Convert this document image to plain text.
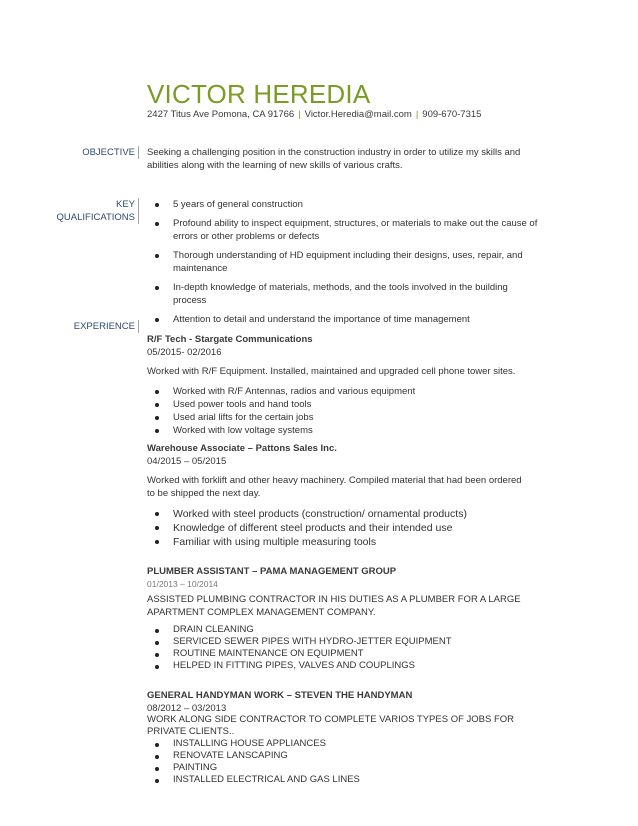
VICTOR HEREDIA
2427 Titus Ave Pomona, CA 91766 | Victor.Heredia@mail.com | 909-670-7315
OBJECTIVE Seeking a challenging position in the construction industry in order to utilize my skills and abilities along with the learning of new skills of various crafts.
KEY
QUALIFICATIONS
5 years of general construction
Profound ability to inspect equipment, structures, or materials to make out the cause of errors or other problems or defects
Thorough understanding of HD equipment including their designs, uses, repair, and maintenance
In-depth knowledge of materials, methods, and the tools involved in the building process
Attention to detail and understand the importance of time management
EXPERIENCE
R/F Tech - Stargate Communications
05/2015- 02/2016
Worked with R/F Equipment. Installed, maintained and upgraded cell phone tower sites.
Worked with R/F Antennas, radios and various equipment
Used power tools and hand tools
Used arial lifts for the certain jobs
Worked with low voltage systems
Warehouse Associate – Pattons Sales Inc.
04/2015 – 05/2015
Worked with forklift and other heavy machinery. Compiled material that had been ordered to be shipped the next day.
Worked with steel products (construction/ ornamental products)
Knowledge of different steel products and their intended use
Familiar with using multiple measuring tools
PLUMBER ASSISTANT – PAMA MANAGEMENT GROUP
01/2013 – 10/2014
ASSISTED PLUMBING CONTRACTOR IN HIS DUTIES AS A PLUMBER FOR A LARGE APARTMENT COMPLEX MANAGEMENT COMPANY.
DRAIN CLEANING
SERVICED SEWER PIPES WITH HYDRO-JETTER EQUIPMENT
ROUTINE MAINTENANCE ON EQUIPMENT
HELPED IN FITTING PIPES, VALVES AND COUPLINGS
GENERAL HANDYMAN WORK – STEVEN THE HANDYMAN
08/2012 – 03/2013
WORK ALONG SIDE CONTRACTOR TO COMPLETE VARIOS TYPES OF JOBS FOR PRIVATE CLIENTS..
INSTALLING HOUSE APPLIANCES
RENOVATE LANSCAPING
PAINTING
INSTALLED ELECTRICAL AND GAS LINES
